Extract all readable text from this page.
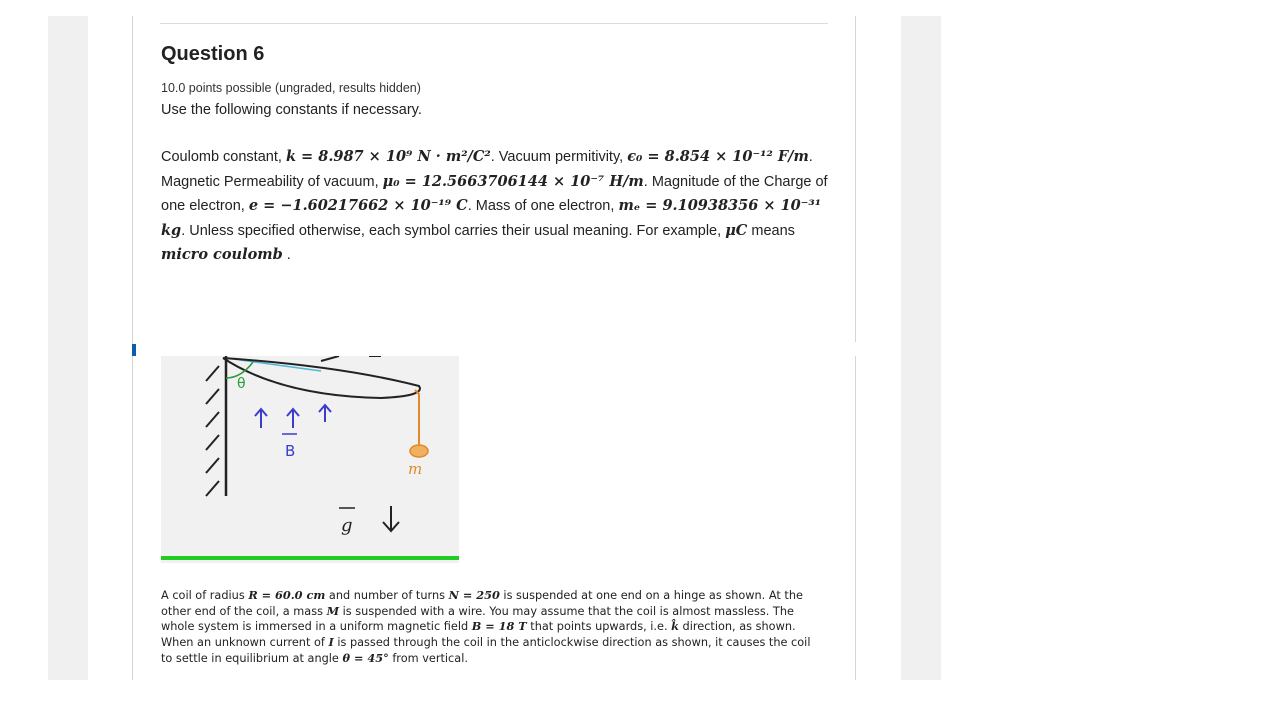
Question 6
10.0 points possible (ungraded, results hidden)
Use the following constants if necessary.
Coulomb constant, k = 8.987 × 10⁹ N · m²/C². Vacuum permitivity, ϵ₀ = 8.854 × 10⁻¹² F/m. Magnetic Permeability of vacuum, μ₀ = 12.5663706144 × 10⁻⁷ H/m. Magnitude of the Charge of one electron, e = −1.60217662 × 10⁻¹⁹ C. Mass of one electron, mₑ = 9.10938356 × 10⁻³¹ kg. Unless specified otherwise, each symbol carries their usual meaning. For example, μC means
micro coulomb .
θ
B
m
g
A coil of radius R = 60.0 cm and number of turns N = 250 is suspended at one end on a hinge as shown. At the other end of the coil, a mass M is suspended with a wire. You may assume that the coil is almost massless. The whole system is immersed in a uniform magnetic field B = 18 T that points upwards, i.e. k̂ direction, as shown. When an unknown current of I is passed through the coil in the anticlockwise direction as shown, it causes the coil to settle in equilibrium at angle θ = 45° from vertical.
